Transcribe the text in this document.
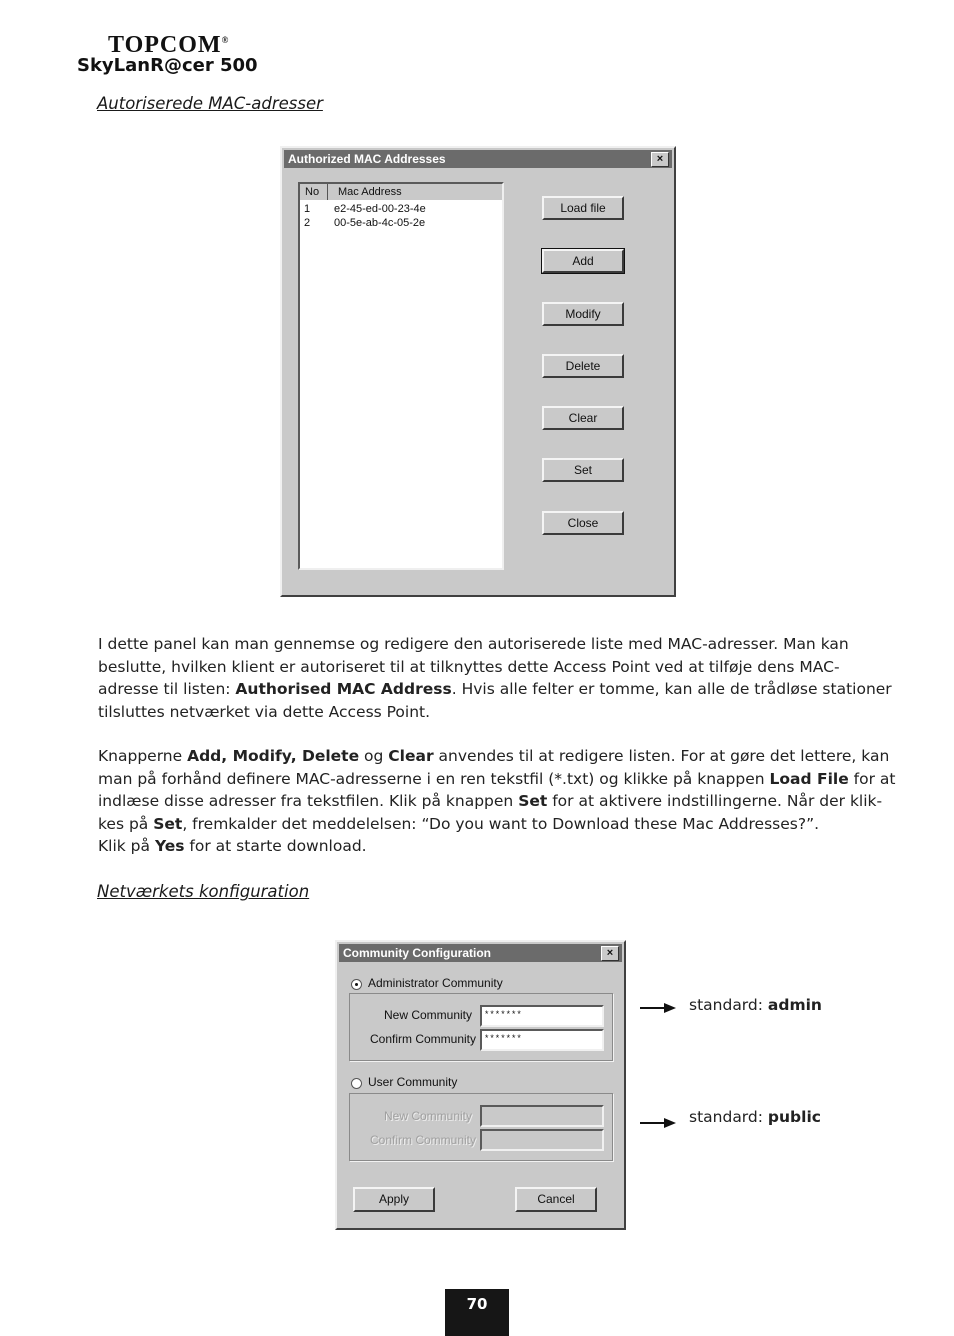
TOPCOM®
SkyLanR@cer 500
Autoriserede MAC-adresser
Authorized MAC Addresses	×
No	Mac Address
1 e2-45-ed-00-23-4e
2 00-5e-ab-4c-05-2e
Load file
Add
Modify
Delete
Clear
Set
Close
I dette panel kan man gennemse og redigere den autoriserede liste med MAC-adresser. Man kan beslutte, hvilken klient er autoriseret til at tilknyttes dette Access Point ved at tilføje dens MAC-adresse til listen: Authorised MAC Address. Hvis alle felter er tomme, kan alle de trådløse stationer tilsluttes netværket via dette Access Point.
Knapperne Add, Modify, Delete og Clear anvendes til at redigere listen. For at gøre det lettere, kan man på forhånd definere MAC-adresserne i en ren tekstfil (*.txt) og klikke på knappen Load File for at indlæse disse adresser fra tekstfilen. Klik på knappen Set for at aktivere indstillingerne. Når der klik-kes på Set, fremkalder det meddelelsen: “Do you want to Download these Mac Addresses?”.
Klik på Yes for at starte download.
Netværkets konfiguration
Community Configuration	×
Administrator Community
New Community	*******
Confirm Community *******
User Community
New Community
Confirm Community
Apply	Cancel
standard: admin
standard: public
70
